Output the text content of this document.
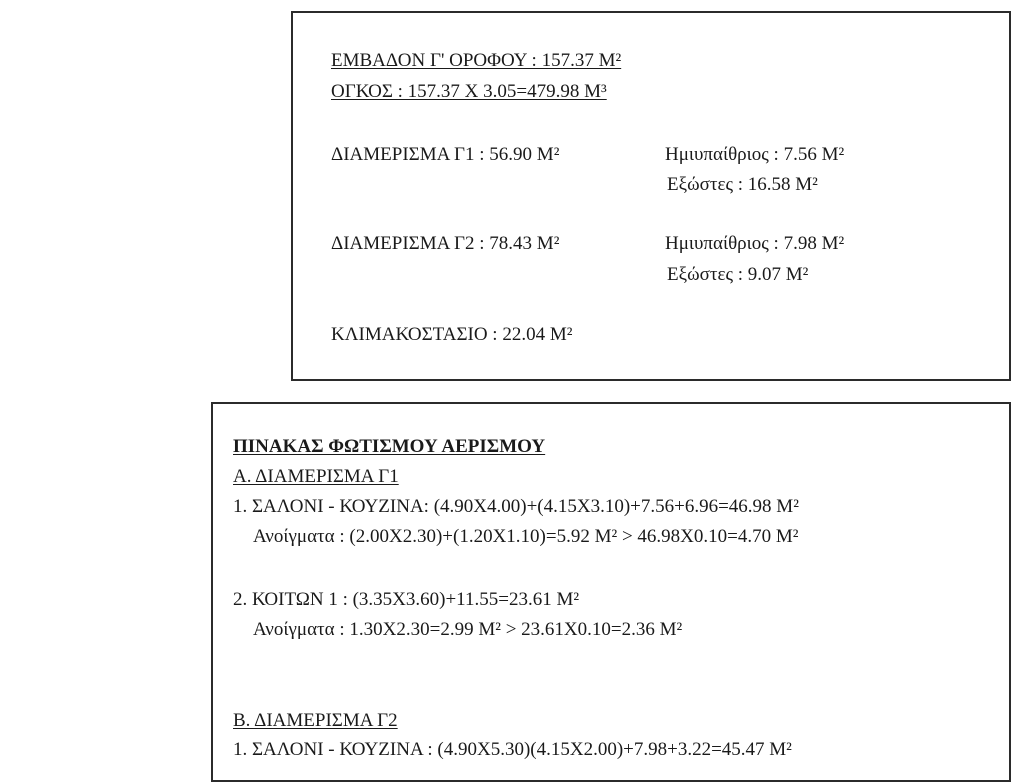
ΕΜΒΑΔΟΝ Γ' ΟΡΟΦΟΥ : 157.37 Μ²
ΟΓΚΟΣ : 157.37 Χ 3.05=479.98 Μ³
ΔΙΑΜΕΡΙΣΜΑ Γ1 : 56.90 Μ²	Ημιυπαίθριος : 7.56 Μ²
Εξώστες : 16.58 Μ²
ΔΙΑΜΕΡΙΣΜΑ Γ2 : 78.43 Μ²	Ημιυπαίθριος : 7.98 Μ²
Εξώστες : 9.07 Μ²
ΚΛΙΜΑΚΟΣΤΑΣΙΟ : 22.04 Μ²
ΠΙΝΑΚΑΣ ΦΩΤΙΣΜΟΥ ΑΕΡΙΣΜΟΥ
Α. ΔΙΑΜΕΡΙΣΜΑ Γ1
1. ΣΑΛΟΝΙ - ΚΟΥΖΙΝΑ: (4.90Χ4.00)+(4.15Χ3.10)+7.56+6.96=46.98 Μ²
Ανοίγματα : (2.00Χ2.30)+(1.20Χ1.10)=5.92 Μ² > 46.98Χ0.10=4.70 Μ²
2. ΚΟΙΤΩΝ 1 : (3.35Χ3.60)+11.55=23.61 Μ²
Ανοίγματα : 1.30Χ2.30=2.99 Μ² > 23.61Χ0.10=2.36 Μ²
Β. ΔΙΑΜΕΡΙΣΜΑ Γ2
1. ΣΑΛΟΝΙ - ΚΟΥΖΙΝΑ : (4.90Χ5.30)(4.15Χ2.00)+7.98+3.22=45.47 Μ²
